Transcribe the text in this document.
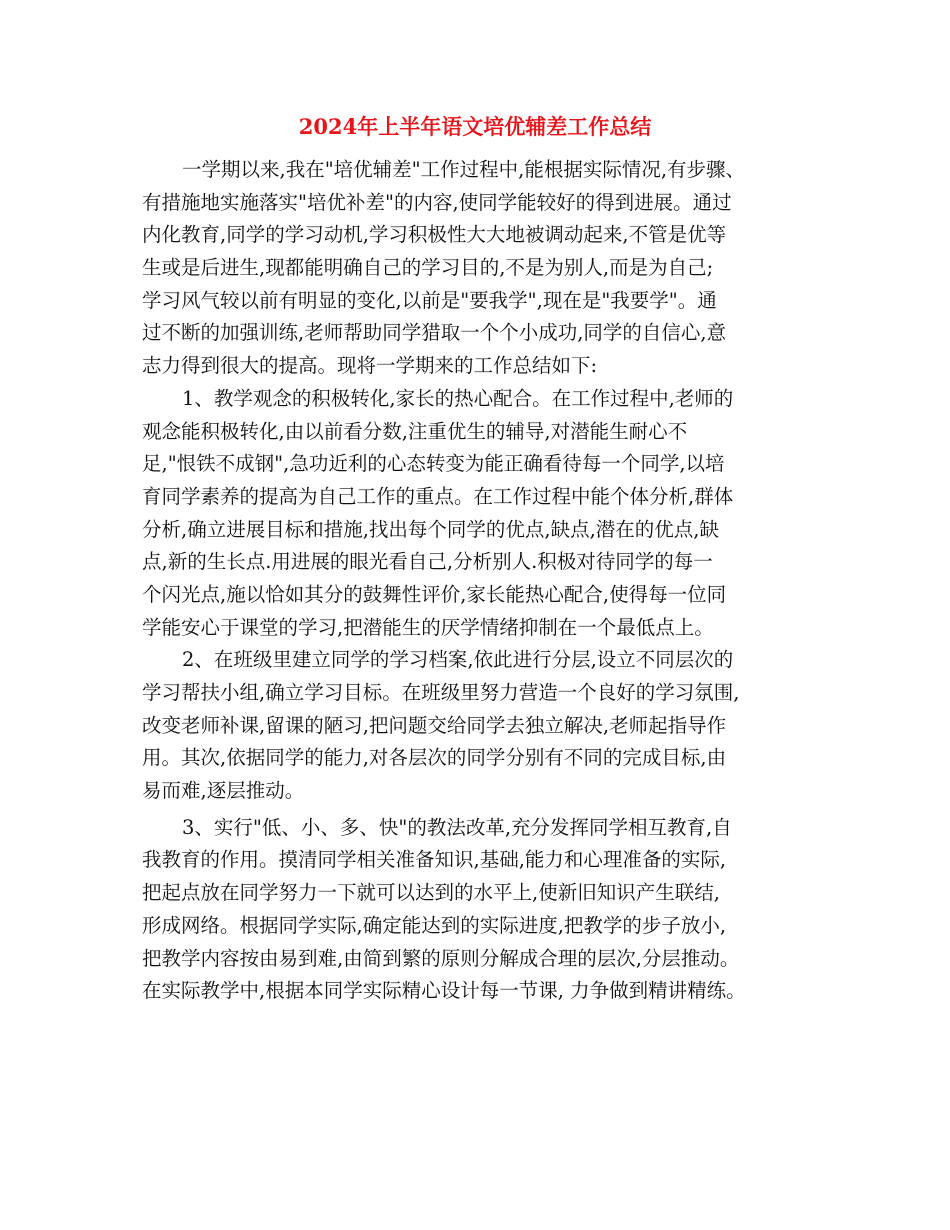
2024年上半年语文培优辅差工作总结
一学期以来,我在"培优辅差"工作过程中,能根据实际情况,有步骤、
有措施地实施落实"培优补差"的内容,使同学能较好的得到进展。通过
内化教育,同学的学习动机,学习积极性大大地被调动起来,不管是优等
生或是后进生,现都能明确自己的学习目的,不是为别人,而是为自己;
学习风气较以前有明显的变化,以前是"要我学",现在是"我要学"。通
过不断的加强训练,老师帮助同学猎取一个个小成功,同学的自信心,意
志力得到很大的提高。现将一学期来的工作总结如下:
1、教学观念的积极转化,家长的热心配合。在工作过程中,老师的
观念能积极转化,由以前看分数,注重优生的辅导,对潜能生耐心不
足,"恨铁不成钢",急功近利的心态转变为能正确看待每一个同学,以培
育同学素养的提高为自己工作的重点。在工作过程中能个体分析,群体
分析,确立进展目标和措施,找出每个同学的优点,缺点,潜在的优点,缺
点,新的生长点.用进展的眼光看自己,分析别人.积极对待同学的每一
个闪光点,施以恰如其分的鼓舞性评价,家长能热心配合,使得每一位同
学能安心于课堂的学习,把潜能生的厌学情绪抑制在一个最低点上。
2、在班级里建立同学的学习档案,依此进行分层,设立不同层次的
学习帮扶小组,确立学习目标。在班级里努力营造一个良好的学习氛围,
改变老师补课,留课的陋习,把问题交给同学去独立解决,老师起指导作
用。其次,依据同学的能力,对各层次的同学分别有不同的完成目标,由
易而难,逐层推动。
3、实行"低、小、多、快"的教法改革,充分发挥同学相互教育,自
我教育的作用。摸清同学相关准备知识,基础,能力和心理准备的实际,
把起点放在同学努力一下就可以达到的水平上,使新旧知识产生联结,
形成网络。根据同学实际,确定能达到的实际进度,把教学的步子放小,
把教学内容按由易到难,由简到繁的原则分解成合理的层次,分层推动。
在实际教学中,根据本同学实际精心设计每一节课, 力争做到精讲精练。
